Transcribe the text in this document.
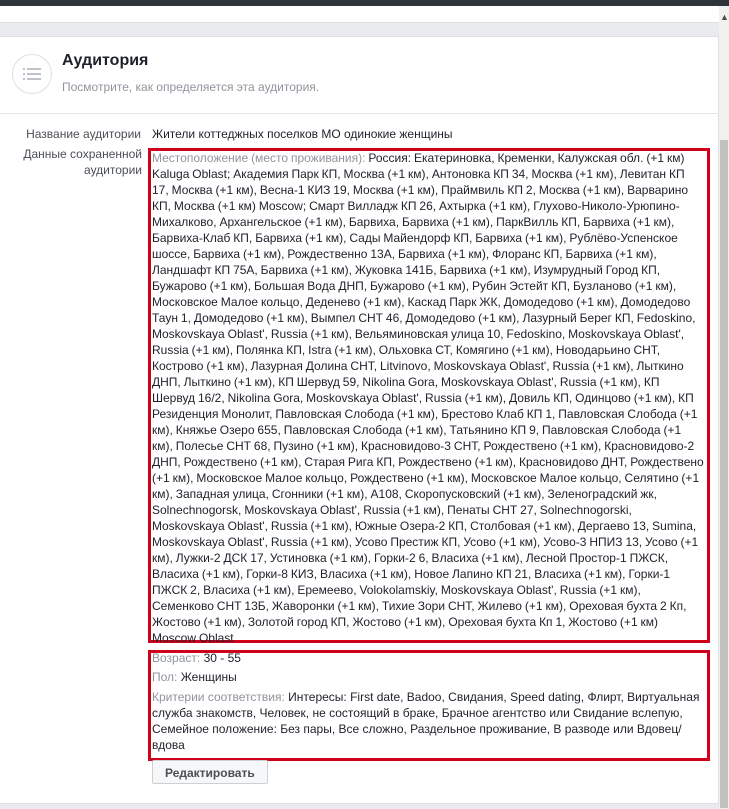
▲
Аудитория
Посмотрите, как определяется эта аудитория.
Название аудитории Жители коттеджных поселков МО одинокие женщины
Данные сохраненной аудитории
Местоположение (место проживания): Россия: Екатериновка, Кременки, Калужская обл. (+1 км) Kaluga Oblast; Академия Парк КП, Москва (+1 км), Антоновка КП 34, Москва (+1 км), Левитан КП 17, Москва (+1 км), Весна-1 КИЗ 19, Москва (+1 км), Праймвиль КП 2, Москва (+1 км), Варварино КП, Москва (+1 км) Moscow; Смарт Вилладж КП 26, Ахтырка (+1 км), Глухово-Николо-Урюпино-Михалково, Архангельское (+1 км), Барвиха, Барвиха (+1 км), ПаркВилль КП, Барвиха (+1 км), Барвиха-Клаб КП, Барвиха (+1 км), Сады Майендорф КП, Барвиха (+1 км), Рублёво-Успенское шоссе, Барвиха (+1 км), Рождественно 13А, Барвиха (+1 км), Флоранс КП, Барвиха (+1 км), Ландшафт КП 75А, Барвиха (+1 км), Жуковка 141Б, Барвиха (+1 км), Изумрудный Город КП, Бужарово (+1 км), Большая Вода ДНП, Бужарово (+1 км), Рубин Эстейт КП, Бузланово (+1 км), Московское Малое кольцо, Деденево (+1 км), Каскад Парк ЖК, Домодедово (+1 км), Домодедово Таун 1, Домодедово (+1 км), Вымпел СНТ 46, Домодедово (+1 км), Лазурный Берег КП, Fedoskino, Moskovskaya Oblast', Russia (+1 км), Вельяминовская улица 10, Fedoskino, Moskovskaya Oblast', Russia (+1 км), Полянка КП, Istra (+1 км), Ольховка СТ, Комягино (+1 км), Новодарьино СНТ, Кострово (+1 км), Лазурная Долина СНТ, Litvinovo, Moskovskaya Oblast', Russia (+1 км), Лыткино ДНП, Лыткино (+1 км), КП Шервуд 59, Nikolina Gora, Moskovskaya Oblast', Russia (+1 км), КП Шервуд 16/2, Nikolina Gora, Moskovskaya Oblast', Russia (+1 км), Довиль КП, Одинцово (+1 км), КП Резиденция Монолит, Павловская Слобода (+1 км), Брестово Клаб КП 1, Павловская Слобода (+1 км), Княжье Озеро 655, Павловская Слобода (+1 км), Татьянино КП 9, Павловская Слобода (+1 км), Полесье СНТ 68, Пузино (+1 км), Красновидово-3 СНТ, Рождествено (+1 км), Красновидово-2 ДНП, Рождествено (+1 км), Старая Рига КП, Рождествено (+1 км), Красновидово ДНТ, Рождествено (+1 км), Московское Малое кольцо, Рождествено (+1 км), Московское Малое кольцо, Селятино (+1 км), Западная улица, Сгонники (+1 км), А108, Скоропусковский (+1 км), Зеленоградский жк, Solnechnogorsk, Moskovskaya Oblast', Russia (+1 км), Пенаты СНТ 27, Solnechnogorski, Moskovskaya Oblast', Russia (+1 км), Южные Озера-2 КП, Столбовая (+1 км), Дергаево 13, Sumina, Moskovskaya Oblast', Russia (+1 км), Усово Престиж КП, Усово (+1 км), Усово-3 НПИЗ 13, Усово (+1 км), Лужки-2 ДСК 17, Устиновка (+1 км), Горки-2 6, Власиха (+1 км), Лесной Простор-1 ПЖСК, Власиха (+1 км), Горки-8 КИЗ, Власиха (+1 км), Новое Лапино КП 21, Власиха (+1 км), Горки-1 ПЖСК 2, Власиха (+1 км), Еремеево, Volokolamskiy, Moskovskaya Oblast', Russia (+1 км), Семенково СНТ 13Б, Жаворонки (+1 км), Тихие Зори СНТ, Жилево (+1 км), Ореховая бухта 2 Кп, Жостово (+1 км), Золотой город КП, Жостово (+1 км), Ореховая бухта Кп 1, Жостово (+1 км) Moscow Oblast
Возраст: 30 - 55
Пол: Женщины
Критерии соответствия: Интересы: First date, Badoo, Свидания, Speed dating, Флирт, Виртуальная служба знакомств, Человек, не состоящий в браке, Брачное агентство или Свидание вслепую, Семейное положение: Без пары, Все сложно, Раздельное проживание, В разводе или Вдовец/вдова
Редактировать
